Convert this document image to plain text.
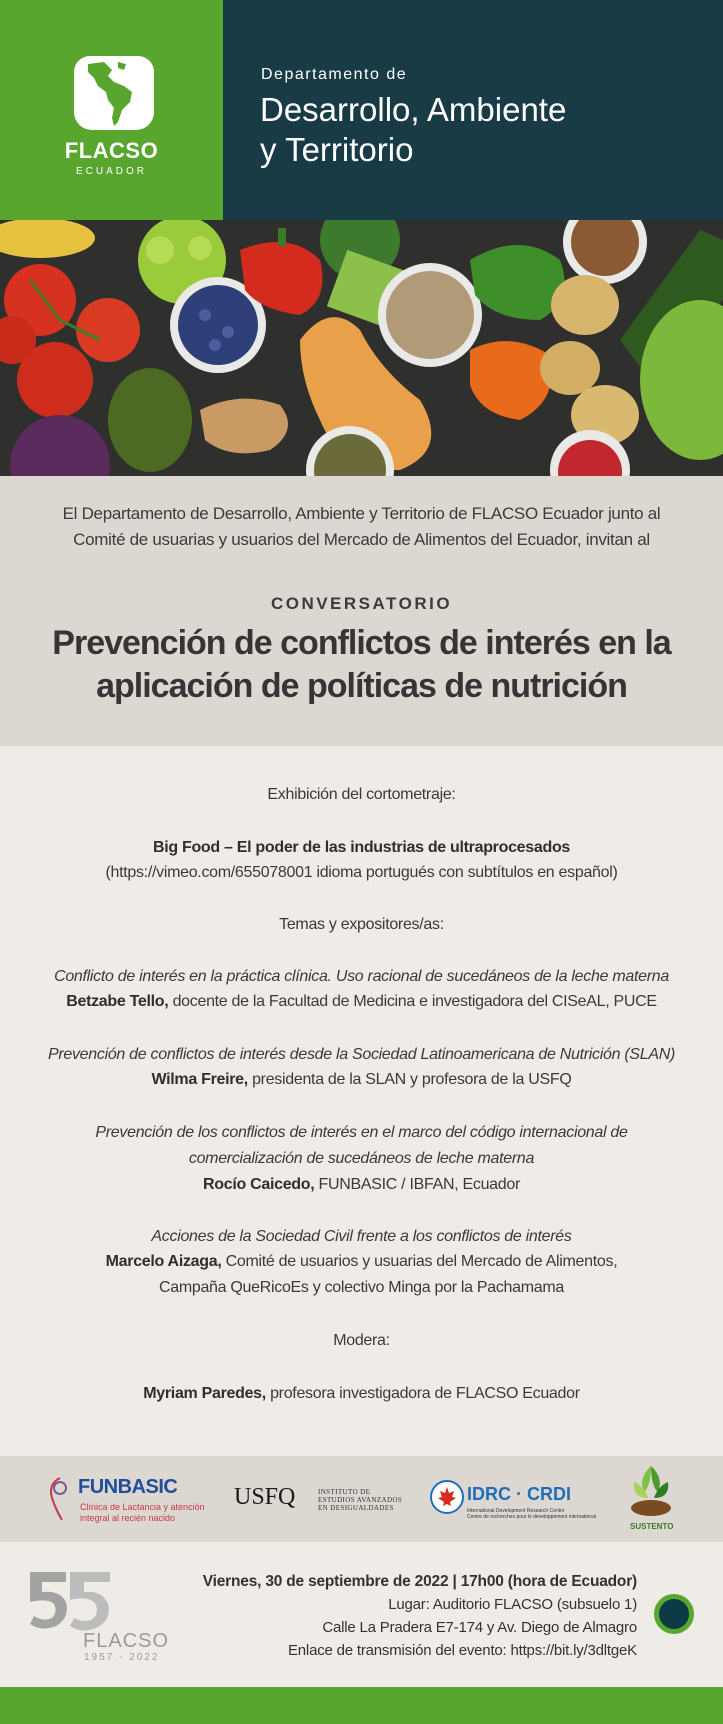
FLACSO
ECUADOR
Departamento de
Desarrollo, Ambiente
y Territorio
El Departamento de Desarrollo, Ambiente y Territorio de FLACSO Ecuador junto al
Comité de usuarias y usuarios del Mercado de Alimentos del Ecuador, invitan al
CONVERSATORIO
Prevención de conflictos de interés en la
aplicación de políticas de nutrición
Exhibición del cortometraje:
Big Food – El poder de las industrias de ultraprocesados
(https://vimeo.com/655078001 idioma portugués con subtítulos en español)
Temas y expositores/as:
Conflicto de interés en la práctica clínica. Uso racional de sucedáneos de la leche materna
Betzabe Tello, docente de la Facultad de Medicina e investigadora del CISeAL, PUCE
Prevención de conflictos de interés desde la Sociedad Latinoamericana de Nutrición (SLAN)
Wilma Freire, presidenta de la SLAN y profesora de la USFQ
Prevención de los conflictos de interés en el marco del código internacional de
comercialización de sucedáneos de leche materna
Rocío Caicedo, FUNBASIC / IBFAN, Ecuador
Acciones de la Sociedad Civil frente a los conflictos de interés
Marcelo Aizaga, Comité de usuarios y usuarias del Mercado de Alimentos,
Campaña QueRicoEs y colectivo Minga por la Pachamama
Modera:
Myriam Paredes, profesora investigadora de FLACSO Ecuador
FUNBASIC
Clínica de Lactancia y atención
integral al recién nacido
USFQ	INSTITUTO DE
ESTUDIOS AVANZADOS
EN DESIGUALDADES
IDRC · CRDI
International Development Research Centre
Centre de recherches pour le développement international
SUSTENTO
FLACSO
1957 - 2022
Viernes, 30 de septiembre de 2022 | 17h00 (hora de Ecuador)
Lugar: Auditorio FLACSO (subsuelo 1)
Calle La Pradera E7-174 y Av. Diego de Almagro
Enlace de transmisión del evento: https://bit.ly/3dltgeK
